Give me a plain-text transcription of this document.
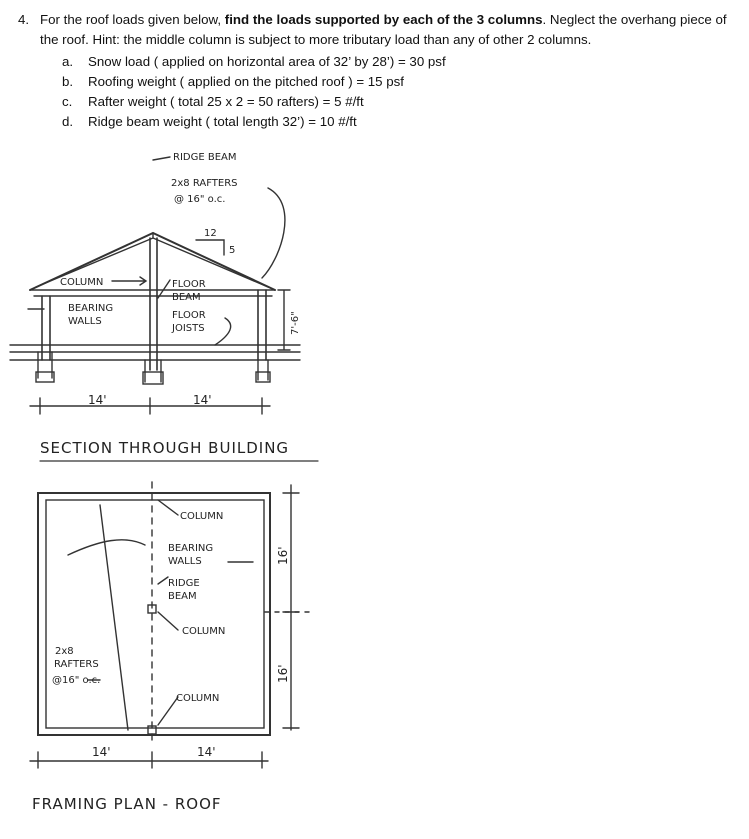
4. For the roof loads given below, find the loads supported by each of the 3 columns. Neglect the overhang piece of the roof. Hint: the middle column is subject to more tributary load than any of other 2 columns.
a. Snow load ( applied on horizontal area of 32’ by 28’) = 30 psf
b. Roofing weight ( applied on the pitched roof ) = 15 psf
c. Rafter weight ( total 25 x 2 = 50 rafters) = 5 #/ft
d. Ridge beam weight ( total length 32’) = 10 #/ft
RIDGE BEAM
2x8 RAFTERS
@ 16" o.c.
12
5
COLUMN
BEARING
WALLS
FLOOR
BEAM
FLOOR
JOISTS	7'-6"
14'	14'
SECTION THROUGH BUILDING
COLUMN
BEARING
WALLS
RIDGE
BEAM
COLUMN
COLUMN
2x8
RAFTERS
@16" o.c.
16'
16'
14'	14'
FRAMING PLAN - ROOF
